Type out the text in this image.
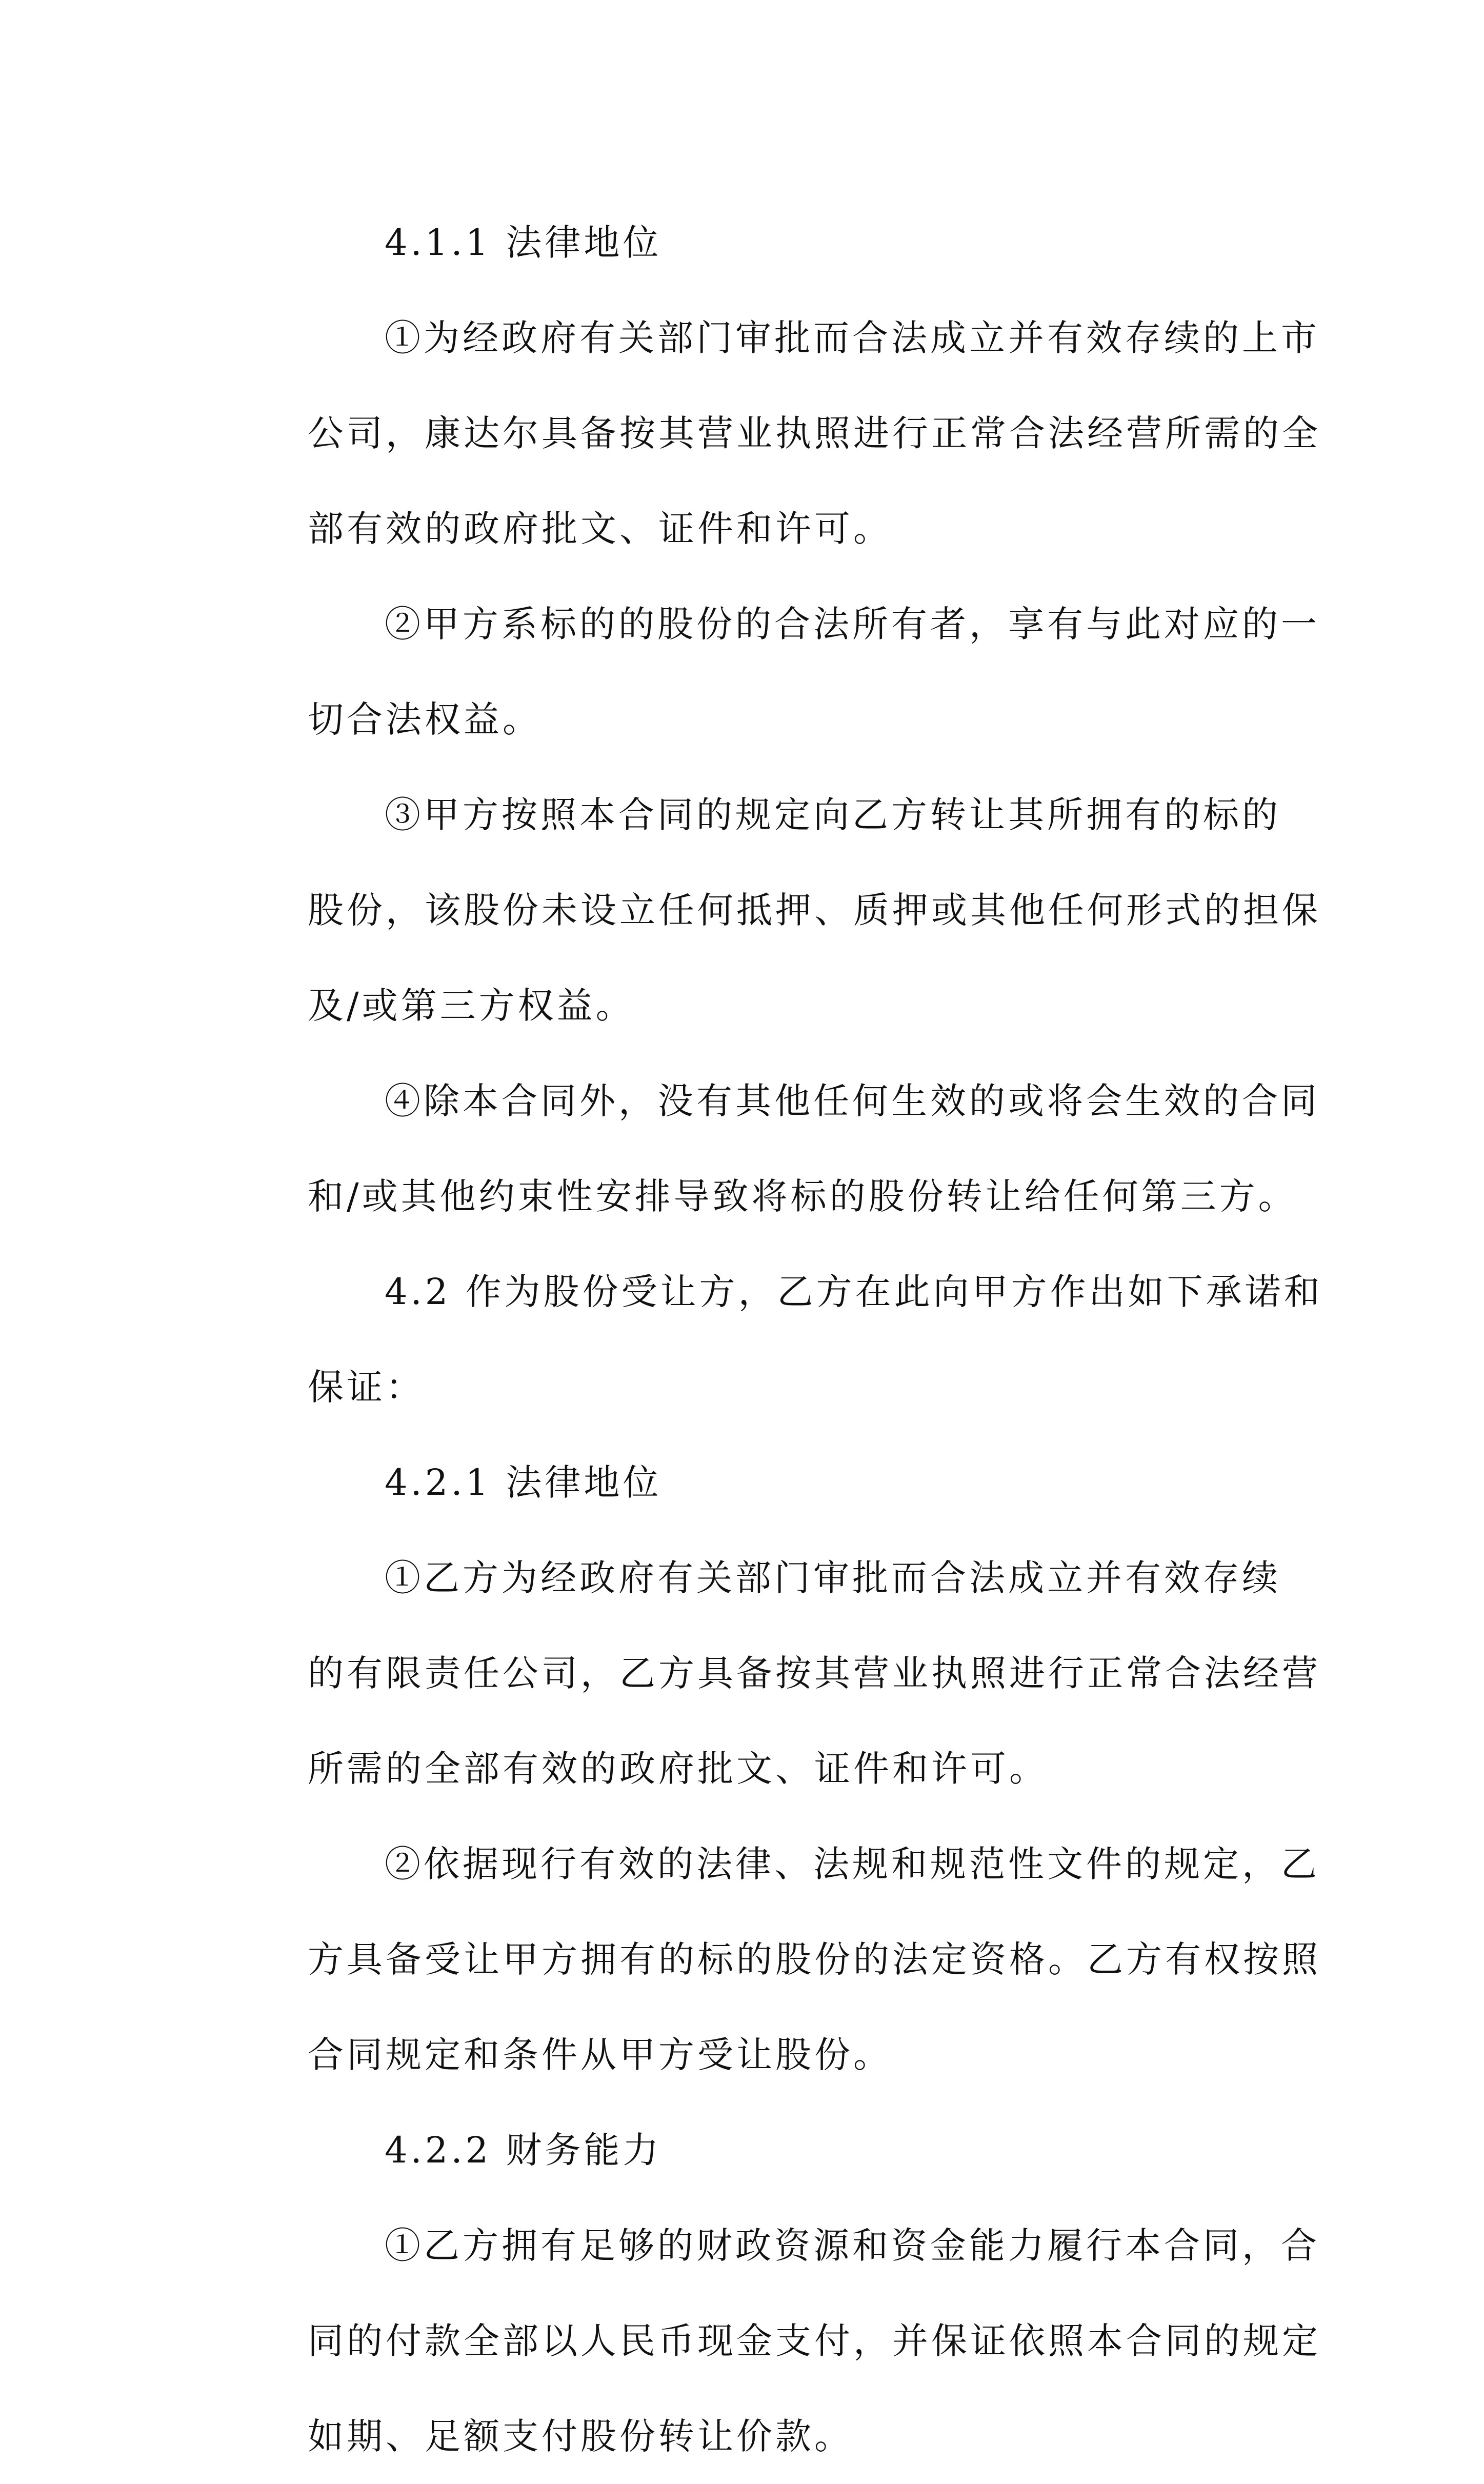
4.1.1 法律地位

①为经政府有关部门审批而合法成立并有效存续的上市
公司，康达尔具备按其营业执照进行正常合法经营所需的全
部有效的政府批文、证件和许可。

②甲方系标的的股份的合法所有者，享有与此对应的一
切合法权益。

③甲方按照本合同的规定向乙方转让其所拥有的标的
股份，该股份未设立任何抵押、质押或其他任何形式的担保
及/或第三方权益。

④除本合同外，没有其他任何生效的或将会生效的合同
和/或其他约束性安排导致将标的股份转让给任何第三方。

4.2 作为股份受让方，乙方在此向甲方作出如下承诺和
保证：

4.2.1 法律地位

①乙方为经政府有关部门审批而合法成立并有效存续
的有限责任公司，乙方具备按其营业执照进行正常合法经营
所需的全部有效的政府批文、证件和许可。

②依据现行有效的法律、法规和规范性文件的规定，乙
方具备受让甲方拥有的标的股份的法定资格。乙方有权按照
合同规定和条件从甲方受让股份。

4.2.2 财务能力

①乙方拥有足够的财政资源和资金能力履行本合同，合
同的付款全部以人民币现金支付，并保证依照本合同的规定
如期、足额支付股份转让价款。
